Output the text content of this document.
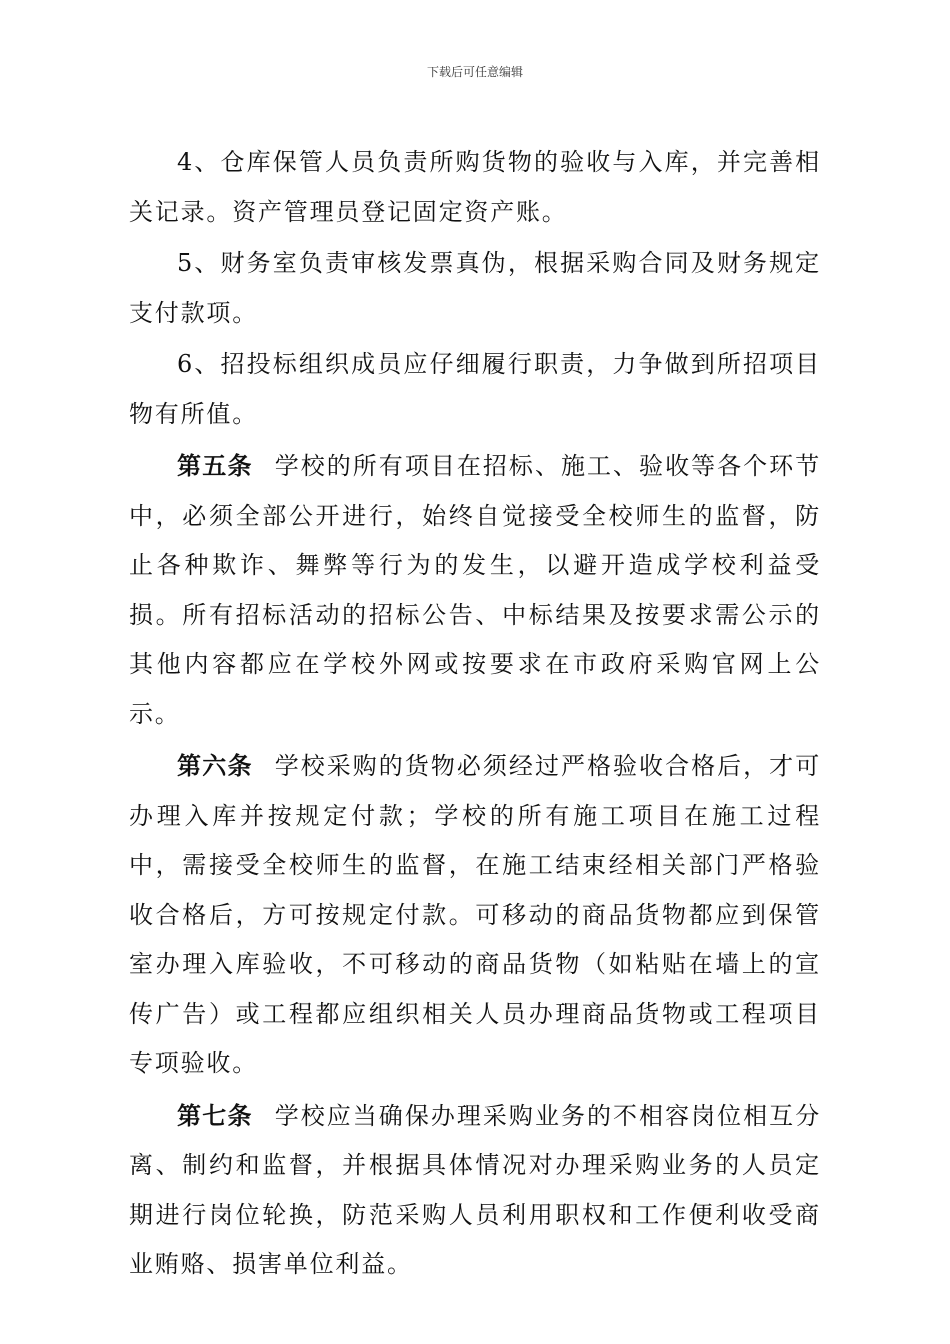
下载后可任意编辑

4、仓库保管人员负责所购货物的验收与入库，并完善相关记录。资产管理员登记固定资产账。

5、财务室负责审核发票真伪，根据采购合同及财务规定支付款项。

6、招投标组织成员应仔细履行职责，力争做到所招项目物有所值。

第五条 学校的所有项目在招标、施工、验收等各个环节中，必须全部公开进行，始终自觉接受全校师生的监督，防止各种欺诈、舞弊等行为的发生，以避开造成学校利益受损。所有招标活动的招标公告、中标结果及按要求需公示的其他内容都应在学校外网或按要求在市政府采购官网上公示。

第六条 学校采购的货物必须经过严格验收合格后，才可办理入库并按规定付款；学校的所有施工项目在施工过程中，需接受全校师生的监督，在施工结束经相关部门严格验收合格后，方可按规定付款。可移动的商品货物都应到保管室办理入库验收，不可移动的商品货物（如粘贴在墙上的宣传广告）或工程都应组织相关人员办理商品货物或工程项目专项验收。

第七条 学校应当确保办理采购业务的不相容岗位相互分离、制约和监督，并根据具体情况对办理采购业务的人员定期进行岗位轮换，防范采购人员利用职权和工作便利收受商业贿赂、损害单位利益。
